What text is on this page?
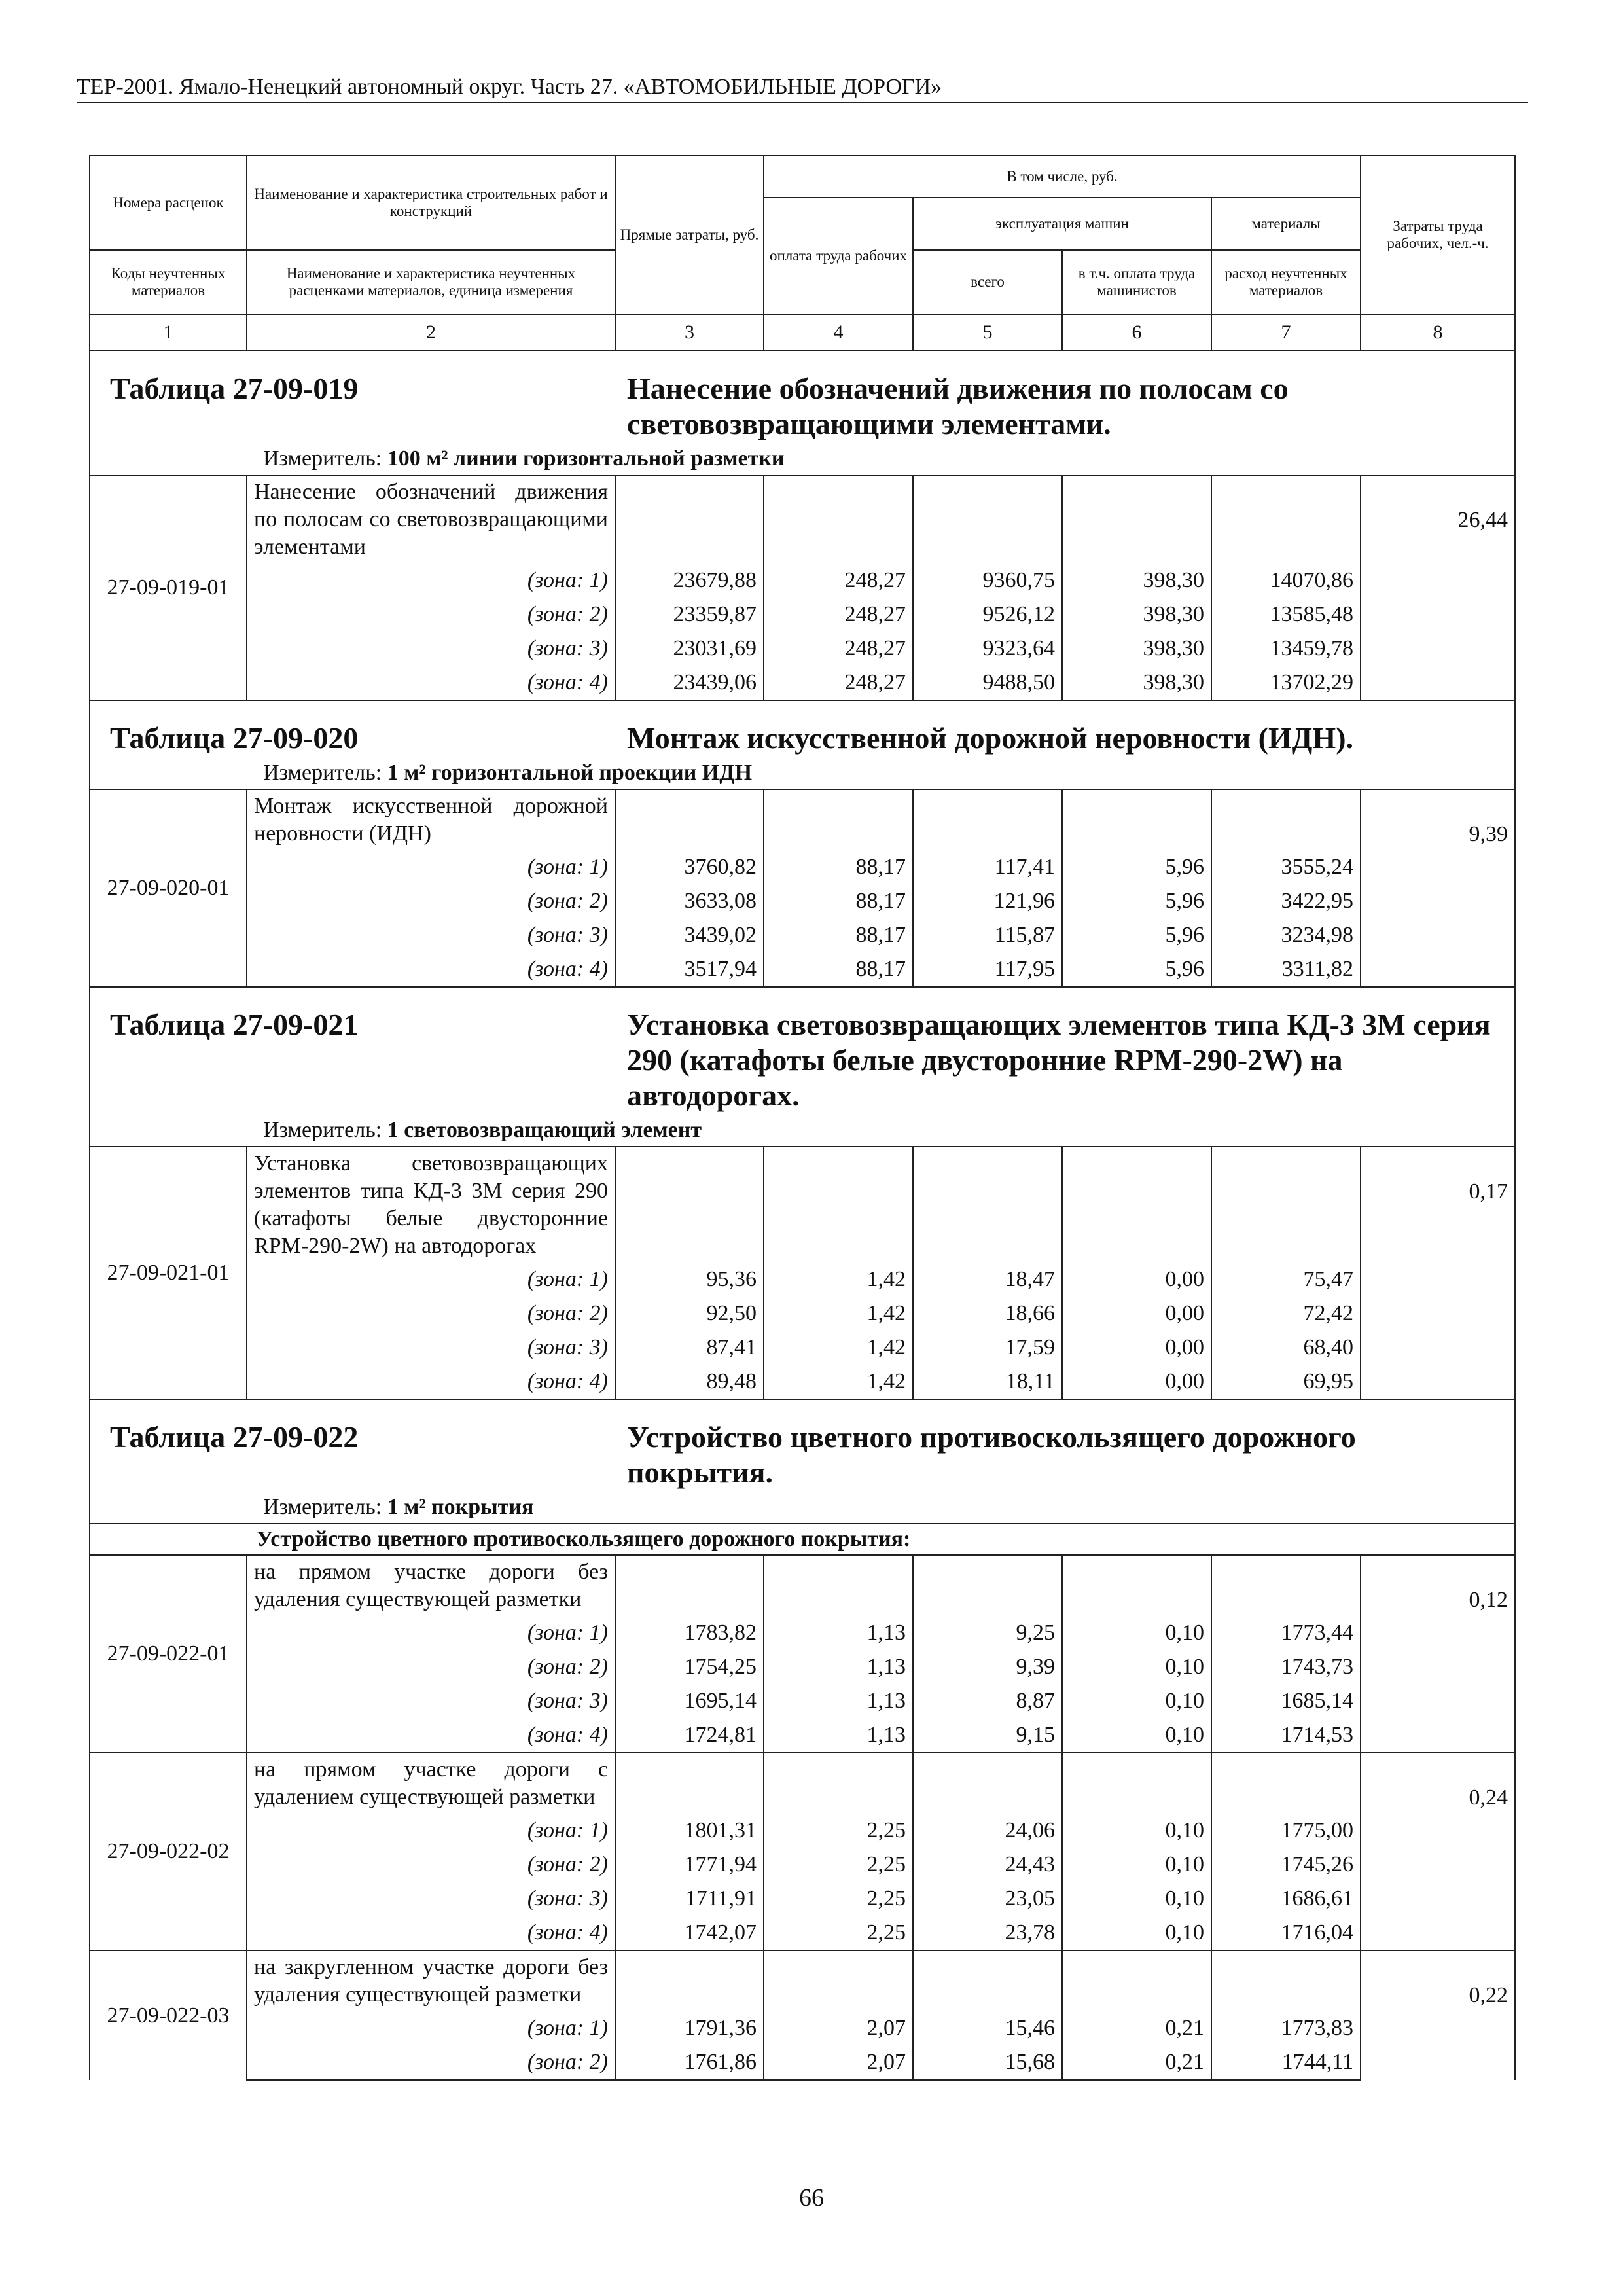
ТЕР-2001. Ямало-Ненецкий автономный округ. Часть 27. «АВТОМОБИЛЬНЫЕ ДОРОГИ»
Номера расценок	Наименование и характеристика строительных работ и конструкций	Прямые затраты, руб.	В том числе, руб.				Затраты труда рабочих, чел.-ч.
			оплата труда рабочих	эксплуатация машин		материалы	
Коды неучтенных материалов	Наименование и характеристика неучтенных расценками материалов, единица измерения			всего	в т.ч. оплата труда машинистов	расход неучтенных материалов	
1	2	3	4	5	6	7	8

Таблица 27-09-019 Нанесение обозначений движения по полосам со световозвращающими элементами.							

Измеритель: 100 м² линии горизонтальной разметки							
27-09-019-01	Нанесение обозначений движения по полосам со световозвращающими элементами						26,44
	(зона: 1)	23679,88	248,27	9360,75	398,30	14070,86	
	(зона: 2)	23359,87	248,27	9526,12	398,30	13585,48	
	(зона: 3)	23031,69	248,27	9323,64	398,30	13459,78	
	(зона: 4)	23439,06	248,27	9488,50	398,30	13702,29	

Таблица 27-09-020 Монтаж искусственной дорожной неровности (ИДН).							

Измеритель: 1 м² горизонтальной проекции ИДН							
27-09-020-01	Монтаж искусственной дорожной неровности (ИДН)						9,39
	(зона: 1)	3760,82	88,17	117,41	5,96	3555,24	
	(зона: 2)	3633,08	88,17	121,96	5,96	3422,95	
	(зона: 3)	3439,02	88,17	115,87	5,96	3234,98	
	(зона: 4)	3517,94	88,17	117,95	5,96	3311,82	

Таблица 27-09-021 Установка световозвращающих элементов типа КД-3 3М серия 290 (катафоты белые двусторонние RPM-290-2W) на автодорогах.							

Измеритель: 1 световозвращающий элемент							
27-09-021-01	Установка световозвращающих элементов типа КД-3 3М серия 290 (катафоты белые двусторонние RPM-290-2W) на автодорогах						0,17
	(зона: 1)	95,36	1,42	18,47	0,00	75,47	
	(зона: 2)	92,50	1,42	18,66	0,00	72,42	
	(зона: 3)	87,41	1,42	17,59	0,00	68,40	
	(зона: 4)	89,48	1,42	18,11	0,00	69,95	

Таблица 27-09-022 Устройство цветного противоскользящего дорожного покрытия.							

Измеритель: 1 м² покрытия							
Устройство цветного противоскользящего дорожного покрытия:							
27-09-022-01	на прямом участке дороги без удаления существующей разметки						0,12
	(зона: 1)	1783,82	1,13	9,25	0,10	1773,44	
	(зона: 2)	1754,25	1,13	9,39	0,10	1743,73	
	(зона: 3)	1695,14	1,13	8,87	0,10	1685,14	
	(зона: 4)	1724,81	1,13	9,15	0,10	1714,53	
27-09-022-02	на прямом участке дороги с удалением существующей разметки						0,24
	(зона: 1)	1801,31	2,25	24,06	0,10	1775,00	
	(зона: 2)	1771,94	2,25	24,43	0,10	1745,26	
	(зона: 3)	1711,91	2,25	23,05	0,10	1686,61	
	(зона: 4)	1742,07	2,25	23,78	0,10	1716,04	
27-09-022-03	на закругленном участке дороги без удаления существующей разметки						0,22
	(зона: 1)	1791,36	2,07	15,46	0,21	1773,83	
	(зона: 2)	1761,86	2,07	15,68	0,21	1744,11	
66
